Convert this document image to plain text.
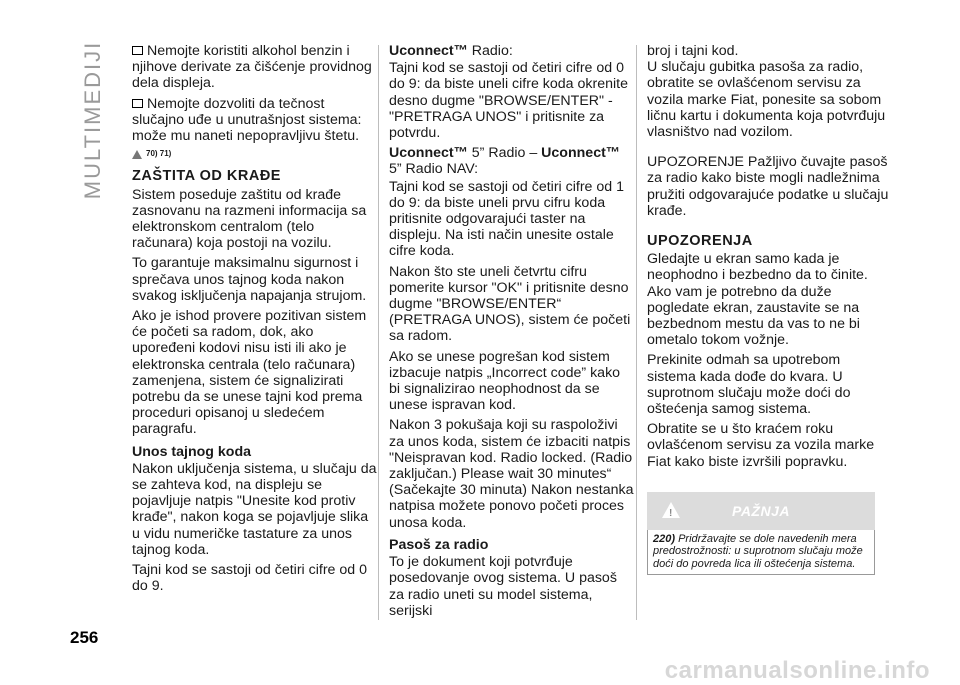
MULTIMEDIJI	Nemojte koristiti alkohol benzin i njihove derivate za čišćenje providnog dela displeja.

Nemojte dozvoliti da tečnost slučajno uđe u unutrašnjost sistema: može mu naneti nepopravljivu štetu.

70) 71)
ZAŠTITA OD KRAĐE

Sistem poseduje zaštitu od krađe zasnovanu na razmeni informacija sa elektronskom centralom (telo računara) koja postoji na vozilu.

To garantuje maksimalnu sigurnost i sprečava unos tajnog koda nakon svakog isključenja napajanja strujom.

Ako je ishod provere pozitivan sistem će početi sa radom, dok, ako upoređeni kodovi nisu isti ili ako je elektronska centrala (telo računara) zamenjena, sistem će signalizirati potrebu da se unese tajni kod prema proceduri opisanoj u sledećem paragrafu.

Unos tajnog koda

Nakon uključenja sistema, u slučaju da se zahteva kod, na displeju se pojavljuje natpis "Unesite kod protiv krađe", nakon koga se pojavljuje slika u vidu numeričke tastature za unos tajnog koda.

Tajni kod se sastoji od četiri cifre od 0 do 9.

Uconnect™ Radio:

Tajni kod se sastoji od četiri cifre od 0 do 9: da biste uneli cifre koda okrenite desno dugme "BROWSE/ENTER" - "PRETRAGA UNOS" i pritisnite za potvrdu.

Uconnect™ 5” Radio – Uconnect™
5” Radio NAV:

Tajni kod se sastoji od četiri cifre od 1 do 9: da biste uneli prvu cifru koda pritisnite odgovarajući taster na displeju. Na isti način unesite ostale cifre koda.

Nakon što ste uneli četvrtu cifru pomerite kursor "OK" i pritisnite desno dugme "BROWSE/ENTER“ (PRETRAGA UNOS), sistem će početi sa radom.

Ako se unese pogrešan kod sistem izbacuje natpis „Incorrect code” kako bi signalizirao neophodnost da se unese ispravan kod.

Nakon 3 pokušaja koji su raspoloživi za unos koda, sistem će izbaciti natpis "Neispravan kod. Radio locked. (Radio zaključan.) Please wait 30 minutes“ (Sačekajte 30 minuta) Nakon nestanka natpisa možete ponovo početi proces unosa koda.

Pasoš za radio

To je dokument koji potvrđuje posedovanje ovog sistema. U pasoš za radio uneti su model sistema, serijski

broj i tajni kod.

U slučaju gubitka pasoša za radio, obratite se ovlašćenom servisu za vozila marke Fiat, ponesite sa sobom ličnu kartu i dokumenta koja potvrđuju vlasništvo nad vozilom.

UPOZORENJE Pažljivo čuvajte pasoš za radio kako biste mogli nadležnima pružiti odgovarajuće podatke u slučaju krađe.

UPOZORENJA

Gledajte u ekran samo kada je neophodno i bezbedno da to činite. Ako vam je potrebno da duže pogledate ekran, zaustavite se na bezbednom mestu da vas to ne bi ometalo tokom vožnje.

Prekinite odmah sa upotrebom sistema kada dođe do kvara. U suprotnom slučaju može doći do oštećenja samog sistema.

Obratite se u što kraćem roku ovlašćenom servisu za vozila marke Fiat kako biste izvršili popravku.

!	PAŽNJA
220) Pridržavajte se dole navedenih mera predostrožnosti: u suprotnom slučaju može doći do povreda lica ili oštećenja sistema.
256
carmanualsonline.info
